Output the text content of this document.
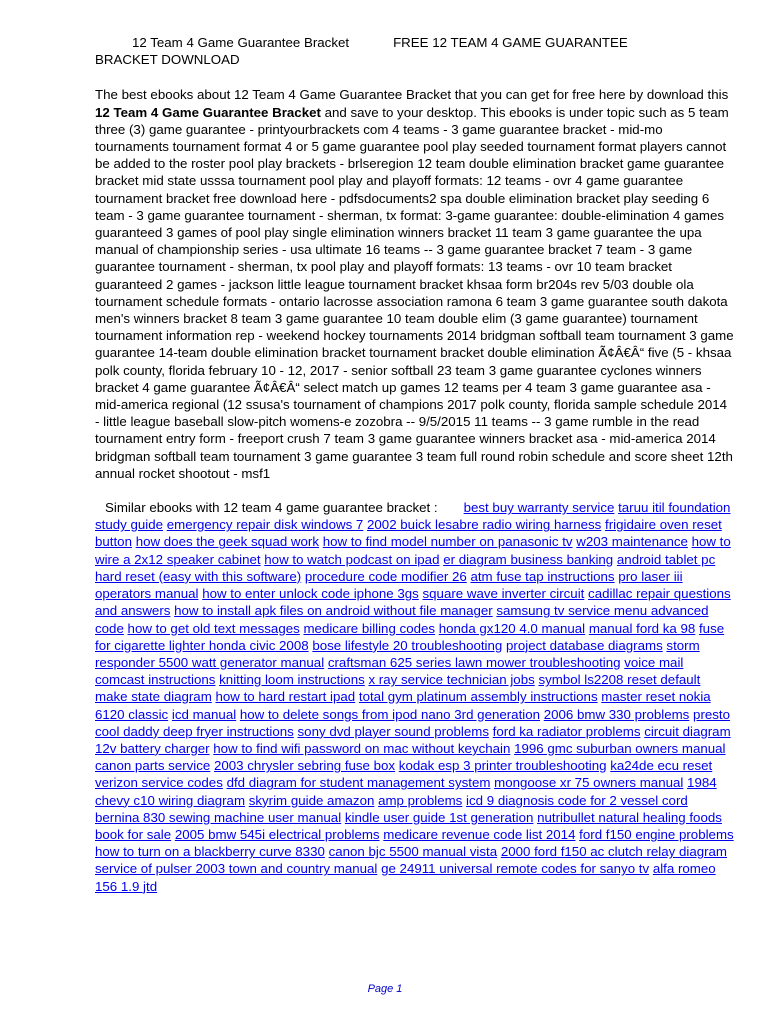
12 Team 4 Game Guarantee Bracket	FREE 12 TEAM 4 GAME GUARANTEE
BRACKET DOWNLOAD

The best ebooks about 12 Team 4 Game Guarantee Bracket that you can get for free here by download this 12 Team 4 Game Guarantee Bracket and save to your desktop. This ebooks is under topic such as 5 team three (3) game guarantee - printyourbrackets com 4 teams - 3 game guarantee bracket - mid-mo tournaments tournament format 4 or 5 game guarantee pool play seeded tournament format players cannot be added to the roster pool play brackets - brlseregion 12 team double elimination bracket game guarantee bracket mid state usssa tournament pool play and playoff formats: 12 teams - ovr 4 game guarantee tournament bracket free download here - pdfsdocuments2 spa double elimination bracket play seeding 6 team - 3 game guarantee tournament - sherman, tx format: 3-game guarantee: double-elimination 4 games guaranteed 3 games of pool play single elimination winners bracket 11 team 3 game guarantee the upa manual of championship series - usa ultimate 16 teams -- 3 game guarantee bracket 7 team - 3 game guarantee tournament - sherman, tx pool play and playoff formats: 13 teams - ovr 10 team bracket guaranteed 2 games - jackson little league tournament bracket khsaa form br204s rev 5/03 double ola tournament schedule formats - ontario lacrosse association ramona 6 team 3 game guarantee south dakota men's winners bracket 8 team 3 game guarantee 10 team double elim (3 game guarantee) tournament tournament information rep - weekend hockey tournaments 2014 bridgman softball team tournament 3 game guarantee 14-team double elimination bracket tournament bracket double elimination Ã¢Â€Â“ five (5 - khsaa polk county, florida february 10 - 12, 2017 - senior softball 23 team 3 game guarantee cyclones winners bracket 4 game guarantee Ã¢Â€Â“ select match up games 12 teams per 4 team 3 game guarantee asa - mid-america regional (12 ssusa's tournament of champions 2017 polk county, florida sample schedule 2014 - little league baseball slow-pitch womens-e zozobra -- 9/5/2015 11 teams -- 3 game rumble in the read tournament entry form - freeport crush 7 team 3 game guarantee winners bracket asa - mid-america 2014 bridgman softball team tournament 3 game guarantee 3 team full round robin schedule and score sheet 12th annual rocket shootout - msf1

Similar ebooks with 12 team 4 game guarantee bracket : best buy warranty service taruu itil foundation study guide emergency repair disk windows 7 2002 buick lesabre radio wiring harness frigidaire oven reset button how does the geek squad work how to find model number on panasonic tv w203 maintenance how to wire a 2x12 speaker cabinet how to watch podcast on ipad er diagram business banking android tablet pc hard reset (easy with this software) procedure code modifier 26 atm fuse tap instructions pro laser iii operators manual how to enter unlock code iphone 3gs square wave inverter circuit cadillac repair questions and answers how to install apk files on android without file manager samsung tv service menu advanced code how to get old text messages medicare billing codes honda gx120 4.0 manual manual ford ka 98 fuse for cigarette lighter honda civic 2008 bose lifestyle 20 troubleshooting project database diagrams storm responder 5500 watt generator manual craftsman 625 series lawn mower troubleshooting voice mail comcast instructions knitting loom instructions x ray service technician jobs symbol ls2208 reset default make state diagram how to hard restart ipad total gym platinum assembly instructions master reset nokia 6120 classic icd manual how to delete songs from ipod nano 3rd generation 2006 bmw 330 problems presto cool daddy deep fryer instructions sony dvd player sound problems ford ka radiator problems circuit diagram 12v battery charger how to find wifi password on mac without keychain 1996 gmc suburban owners manual canon parts service 2003 chrysler sebring fuse box kodak esp 3 printer troubleshooting ka24de ecu reset verizon service codes dfd diagram for student management system mongoose xr 75 owners manual 1984 chevy c10 wiring diagram skyrim guide amazon amp problems icd 9 diagnosis code for 2 vessel cord bernina 830 sewing machine user manual kindle user guide 1st generation nutribullet natural healing foods book for sale 2005 bmw 545i electrical problems medicare revenue code list 2014 ford f150 engine problems how to turn on a blackberry curve 8330 canon bjc 5500 manual vista 2000 ford f150 ac clutch relay diagram service of pulser 2003 town and country manual ge 24911 universal remote codes for sanyo tv alfa romeo 156 1.9 jtd

Page 1
